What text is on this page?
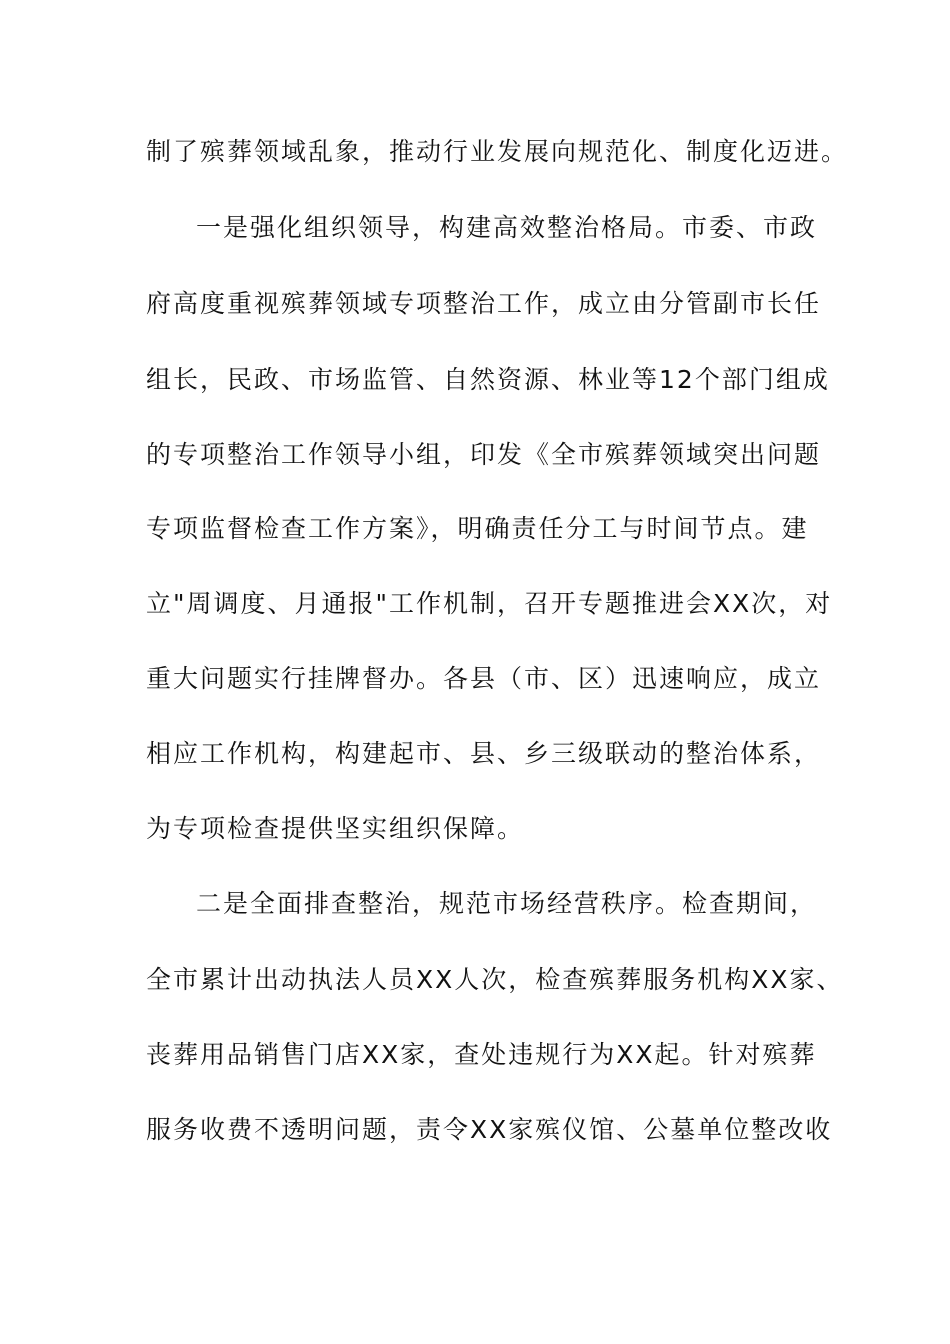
制了殡葬领域乱象，推动行业发展向规范化、制度化迈进。
一是强化组织领导，构建高效整治格局。市委、市政
府高度重视殡葬领域专项整治工作，成立由分管副市长任
组长，民政、市场监管、自然资源、林业等12个部门组成
的专项整治工作领导小组，印发《全市殡葬领域突出问题
专项监督检查工作方案》，明确责任分工与时间节点。建
立"周调度、月通报"工作机制，召开专题推进会XX次，对
重大问题实行挂牌督办。各县（市、区）迅速响应，成立
相应工作机构，构建起市、县、乡三级联动的整治体系，
为专项检查提供坚实组织保障。
二是全面排查整治，规范市场经营秩序。检查期间，
全市累计出动执法人员XX人次，检查殡葬服务机构XX家、
丧葬用品销售门店XX家，查处违规行为XX起。针对殡葬
服务收费不透明问题，责令XX家殡仪馆、公墓单位整改收
